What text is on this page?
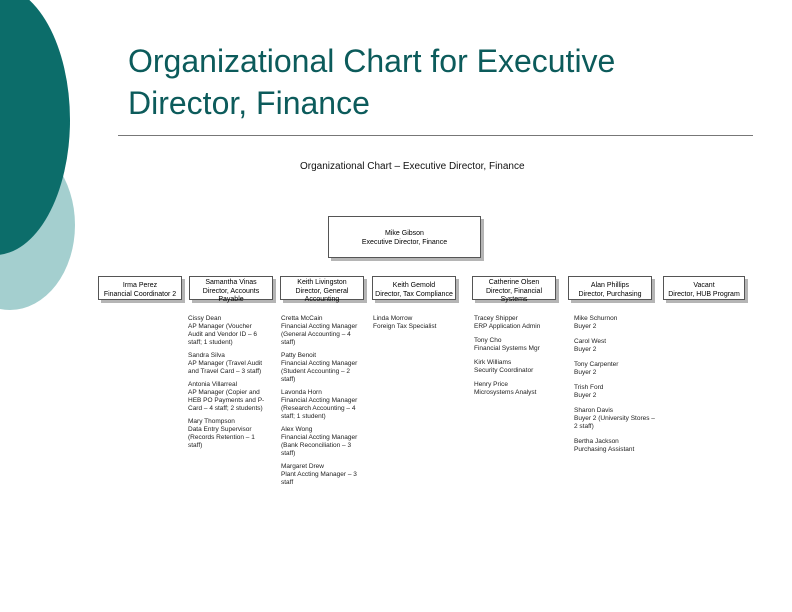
Organizational Chart for Executive
Director, Finance
Organizational Chart – Executive Director, Finance
Mike Gibson
Executive Director, Finance
Irma Perez
Financial Coordinator 2
Samantha Vinas
Director, Accounts Payable
Keith Livingston
Director, General Accounting
Keith Gemold
Director, Tax Compliance
Catherine Olsen
Director, Financial Systems
Alan Phillips
Director, Purchasing
Vacant
Director, HUB Program
Cissy Dean
AP Manager (Voucher Audit and Vendor ID – 6 staff; 1 student)
Sandra Silva
AP Manager (Travel Audit and Travel Card – 3 staff)
Antonia Villarreal
AP Manager (Copier and HEB PO Payments and P-Card – 4 staff; 2 students)
Mary Thompson
Data Entry Supervisor (Records Retention – 1 staff)
Cretta McCain
Financial Accting Manager (General Accounting – 4 staff)
Patty Benoit
Financial Accting Manager (Student Accounting – 2 staff)
Lavonda Horn
Financial Accting Manager (Research Accounting – 4 staff; 1 student)
Alex Wong
Financial Accting Manager (Bank Reconciliation – 3 staff)
Margaret Drew
Plant Accting Manager – 3 staff
Linda Morrow
Foreign Tax Specialist
Tracey Shipper
ERP Application Admin
Tony Cho
Financial Systems Mgr
Kirk Williams
Security Coordinator
Henry Price
Microsystems Analyst
Mike Schurnon
Buyer 2
Carol West
Buyer 2
Tony Carpenter
Buyer 2
Trish Ford
Buyer 2
Sharon Davis
Buyer 2 (University Stores – 2 staff)
Bertha Jackson
Purchasing Assistant
